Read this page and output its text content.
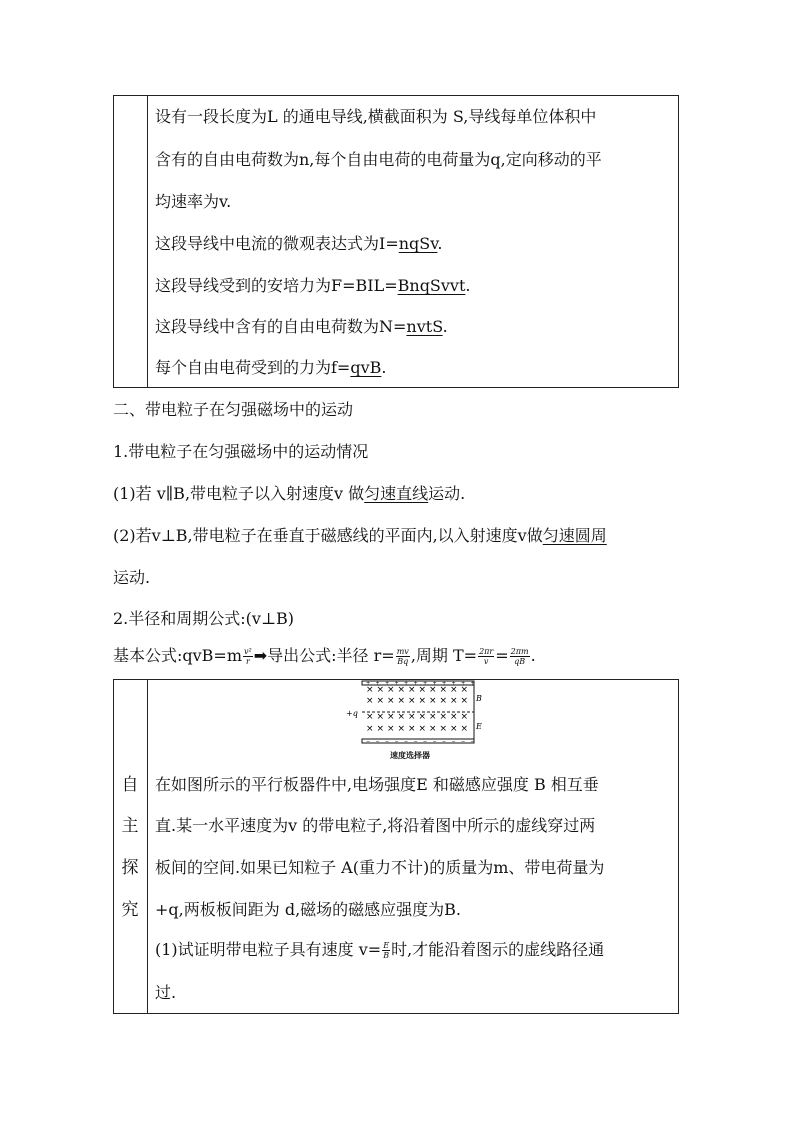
设有一段长度为L 的通电导线,横截面积为 S,导线每单位体积中
含有的自由电荷数为n,每个自由电荷的电荷量为q,定向移动的平
均速率为v.
这段导线中电流的微观表达式为I=nqSv.
这段导线受到的安培力为F=BIL=BnqSvvt.
这段导线中含有的自由电荷数为N=nvtS.
每个自由电荷受到的力为f=qvB.
二、带电粒子在匀强磁场中的运动
1.带电粒子在匀强磁场中的运动情况
(1)若 v∥B,带电粒子以入射速度v 做匀速直线运动.
(2)若v⊥B,带电粒子在垂直于磁感线的平面内,以入射速度v做匀速圆周
运动.
2.半径和周期公式:(v⊥B)
基本公式:qvB=m $\frac{\text{v²}}{r}$ ➡导出公式:半径 $r= \frac{mv}{Bq}$ ,周期 $T= \frac{2\pi r}{v} = \frac{2\pi m}{qB}$ .
自
主
探
究
+ + + + + + + + + + + +
− − − − − − − − − − − −
× × × × × × × × × ×
× × × × × × × × × ×
× × × × × × × × × ×
× × × × × × × × × ×
+q
B
E
速度选择器
在如图所示的平行板器件中,电场强度E 和磁感应强度 B 相互垂
直.某一水平速度为v 的带电粒子,将沿着图中所示的虚线穿过两
板间的空间.如果已知粒子 A(重力不计)的质量为m、带电荷量为
+q,两板板间距为 d,磁场的磁感应强度为B.
(1)试证明带电粒子具有速度 $v= \frac{E}{B}$ 时,才能沿着图示的虚线路径通
过.
